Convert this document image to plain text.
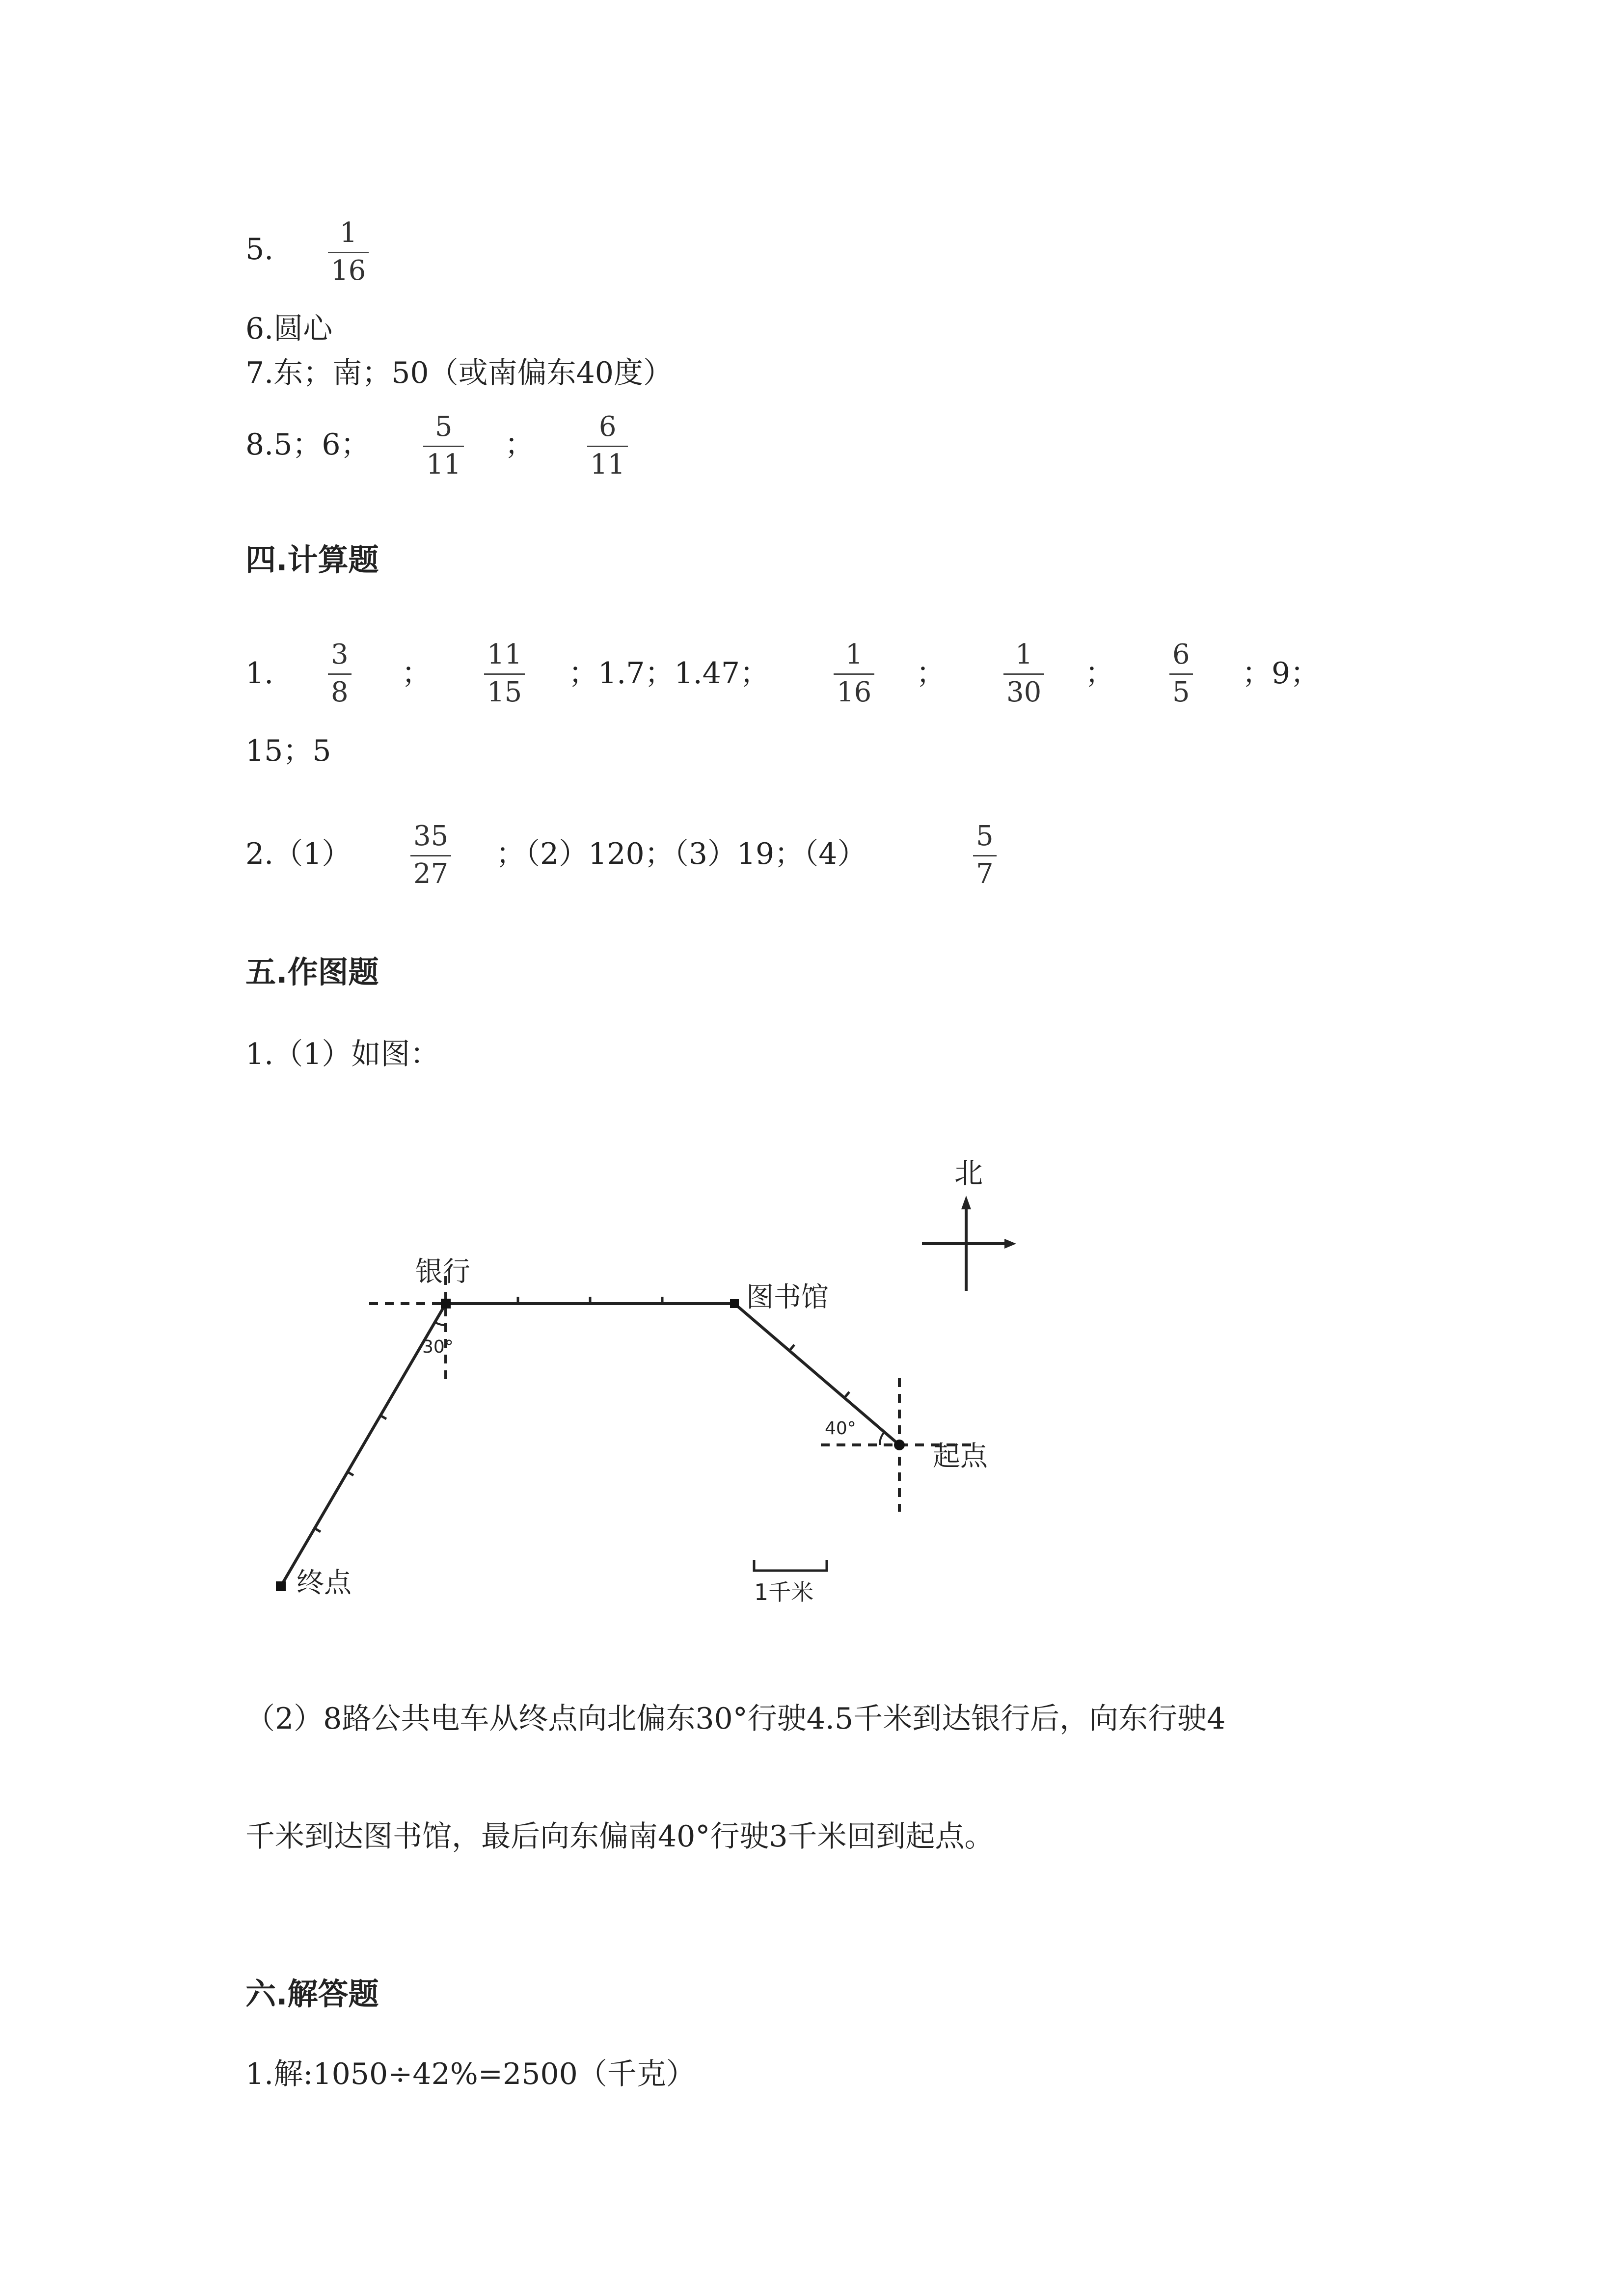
5. 1
16
6.圆心
7.东；南；50（或南偏东40度）
8.5；6；
5
11
；
6
11
四.计算题
1.
3
8
；
11
15
；1.7；1.47；
1
16
；
1
30
；
6
5
；9；
15；5
2.（1）
35
27
；（2）120；（3）19；（4）
5
7
五.作图题
1.（1）如图：
北
银行
图书馆
起点
终点
30°
40°
1千米
（2）8路公共电车从终点向北偏东30°行驶4.5千米到达银行后，向东行驶4
千米到达图书馆，最后向东偏南40°行驶3千米回到起点。
六.解答题
1.解:1050÷42%=2500（千克）
